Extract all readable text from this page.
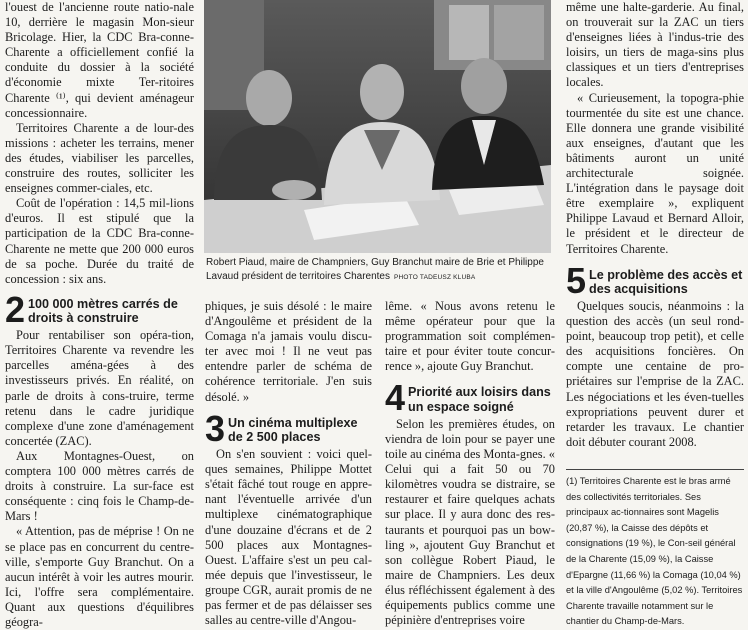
l'ouest de l'ancienne route natio-nale 10, derrière le magasin Mon-sieur Bricolage. Hier, la CDC Bra-conne-Charente a officiellement confié la conduite du dossier à la société d'économie mixte Ter-ritoires Charente ⁽¹⁾, qui devient aménageur concessionnaire.

Territoires Charente a de lour-des missions : acheter les terrains, mener des études, viabiliser les parcelles, construire des routes, solliciter les enseignes commer-ciales, etc.

Coût de l'opération : 14,5 mil-lions d'euros. Il est stipulé que la participation de la CDC Bra-conne-Charente ne mette que 200 000 euros de sa poche. Durée du traité de concession : six ans.

2 100 000 mètres carrés de droits à construire

Pour rentabiliser son opéra-tion, Territoires Charente va revendre les parcelles aména-gées à des investisseurs privés. En réalité, on parle de droits à cons-truire, terme retenu dans le cadre juridique complexe d'une zone d'aménagement concertée (ZAC).

Aux Montagnes-Ouest, on comptera 100 000 mètres carrés de droits à construire. La sur-face est conséquente : cinq fois le Champ-de-Mars !

« Attention, pas de méprise ! On ne se place pas en concurrent du centre-ville, s'emporte Guy Branchut. On a aucun intérêt à voir les autres mourir. Ici, l'offre sera complémentaire. Quant aux questions d'équilibres géogra-

Robert Piaud, maire de Champniers, Guy Branchut maire de Brie et Philippe Lavaud président de territoires Charentes PHOTO TADEUSZ KLUBA

phiques, je suis désolé : le maire d'Angoulême et président de la Comaga n'a jamais voulu discu-ter avec moi ! Il ne veut pas entendre parler de schéma de cohérence territoriale. J'en suis désolé. »

3 Un cinéma multiplexe de 2 500 places

On s'en souvient : voici quel-ques semaines, Philippe Mottet s'était fâché tout rouge en appre-nant l'éventuelle arrivée d'un multiplexe cinématographique d'une douzaine d'écrans et de 2 500 places aux Montagnes-Ouest. L'affaire s'est un peu cal-mée depuis que l'investisseur, le groupe CGR, aurait promis de ne pas fermer et de pas délaisser ses salles au centre-ville d'Angou-

lême. « Nous avons retenu le même opérateur pour que la programmation soit complémen-taire et pour éviter toute concur-rence », ajoute Guy Branchut.

4 Priorité aux loisirs dans un espace soigné

Selon les premières études, on viendra de loin pour se payer une toile au cinéma des Monta-gnes. « Celui qui a fait 50 ou 70 kilomètres voudra se distraire, se restaurer et faire quelques achats sur place. Il y aura donc des res-taurants et pourquoi pas un bow-ling », ajoutent Guy Branchut et son collègue Robert Piaud, le maire de Champniers. Les deux élus réfléchissent également à des équipements publics comme une pépinière d'entreprises voire

même une halte-garderie. Au final, on trouverait sur la ZAC un tiers d'enseignes liées à l'indus-trie des loisirs, un tiers de maga-sins plus classiques et un tiers d'entreprises locales.

« Curieusement, la topogra-phie tourmentée du site est une chance. Elle donnera une grande visibilité aux enseignes, d'autant que les bâtiments auront un unité architecturale soignée. L'intégration dans le paysage doit être exemplaire », expliquent Philippe Lavaud et Bernard Alloir, le président et le directeur de Territoires Charente.

5 Le problème des accès et des acquisitions

Quelques soucis, néanmoins : la question des accès (un seul rond-point, beaucoup trop petit), et celle des acquisitions foncières. On compte une centaine de pro-priétaires sur l'emprise de la ZAC. Les négociations et les éven-tuelles expropriations peuvent durer et retarder les travaux. Le chantier doit débuter courant 2008.

(1) Territoires Charente est le bras armé des collectivités territoriales. Ses principaux ac-tionnaires sont Magelis (20,87 %), la Caisse des dépôts et consignations (19 %), le Con-seil général de la Charente (15,09 %), la Caisse d'Epargne (11,66 %) la Comaga (10,04 %) et la ville d'Angoulême (5,02 %). Territoires Charente travaille notamment sur le chantier du Champ-de-Mars.
